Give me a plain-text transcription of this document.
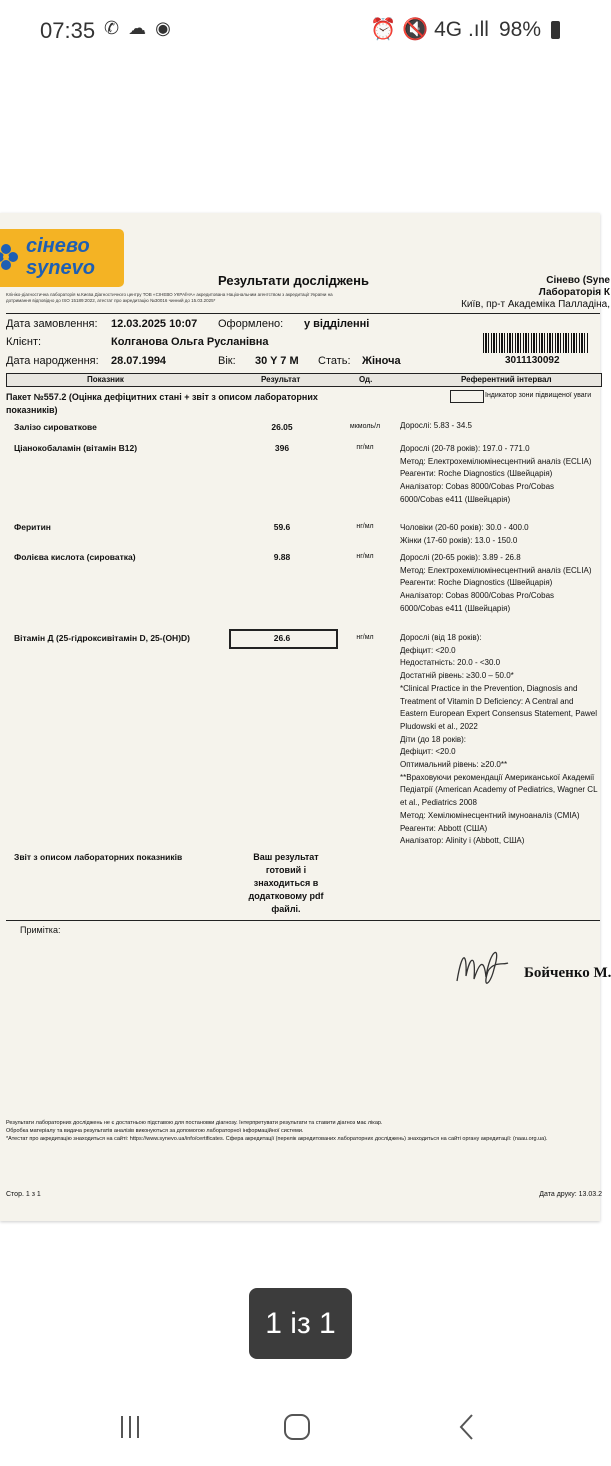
07:35 ✆ ☁ ◉	⏰ 🔇 4G .ıll 98%
сінево
synevo
Клініко-діагностична лабораторія м.Києва Діагностичного центру ТОВ «СІНЕВО УКРАЇНА» акредитована Національним агентством з акредитації України на дотримання відповідно до ISO 15189:2022, атестат про акредитацію №30016 чинний до 15.03.2025*
Результати досліджень	Сінево (Syne
Лабораторія К
Київ, пр-т Академіка Палладіна,
Дата замовлення: 12.03.2025 10:07 Оформлено: у відділенні
Клієнт:	Колганова Ольга Русланівна
Дата народження: 28.07.1994	Вік: 30 Y 7 M Стать: Жіноча	3011130092
Показник	Результат	Од.	Референтний інтервал
Індикатор зони підвищеної уваги
Пакет №557.2 (Оцінка дефіцитних стані + звіт з описом лабораторних показників)
Залізо сироваткове	26.05	мкмоль/л	Дорослі: 5.83 - 34.5
Ціанокобаламін (вітамін В12)	396	пг/мл	Дорослі (20-78 років): 197.0 - 771.0
Метод: Електрохемілюмінесцентний аналіз (ECLIA)
Реагенти: Roche Diagnostics (Швейцарія)
Аналізатор: Cobas 8000/Cobas Pro/Cobas 6000/Cobas e411 (Швейцарія)
Феритин	59.6	нг/мл	Чоловіки (20-60 років): 30.0 - 400.0
Жінки (17-60 років): 13.0 - 150.0
Фолієва кислота (сироватка)	9.88	нг/мл	Дорослі (20-65 років): 3.89 - 26.8
Метод: Електрохемілюмінесцентний аналіз (ECLIA)
Реагенти: Roche Diagnostics (Швейцарія)
Аналізатор: Cobas 8000/Cobas Pro/Cobas 6000/Cobas e411 (Швейцарія)
Вітамін Д (25-гідроксивітамін D, 25-(OH)D)	26.6	нг/мл	Дорослі (від 18 років):
Дефіцит: <20.0
Недостатність: 20.0 - <30.0
Достатній рівень: ≥30.0 – 50.0*
*Clinical Practice in the Prevention, Diagnosis and Treatment of Vitamin D Deficiency: A Central and Eastern European Expert Consensus Statement, Pawel Pludowski et al., 2022
Діти (до 18 років):
Дефіцит: <20.0
Оптимальний рівень: ≥20.0**
**Враховуючи рекомендації Американської Академії Педіатрії (American Academy of Pediatrics, Wagner CL et al., Pediatrics 2008
Метод: Хемілюмінесцентний імуноаналіз (CMIA)
Реагенти: Abbott (США)
Аналізатор: Alinity i (Abbott, США)
Звіт з описом лабораторних показників	Ваш результат готовий і знаходиться в додатковому pdf файлі.
Примітка:
Бойченко М.
Результати лабораторних досліджень не є достатньою підставою для постановки діагнозу. Інтерпретувати результати та ставити діагноз має лікар.
Обробка матеріалу та видача результатів аналізів виконуються за допомогою лабораторної інформаційної системи.
*Атестат про акредитацію знаходиться на сайті: https://www.synevo.ua/info/certificates. Сфера акредитації (перелік акредитованих лабораторних досліджень) знаходиться на сайті органу акредитації: (naau.org.ua).
Стор. 1 з 1	Дата друку: 13.03.2
1 із 1
